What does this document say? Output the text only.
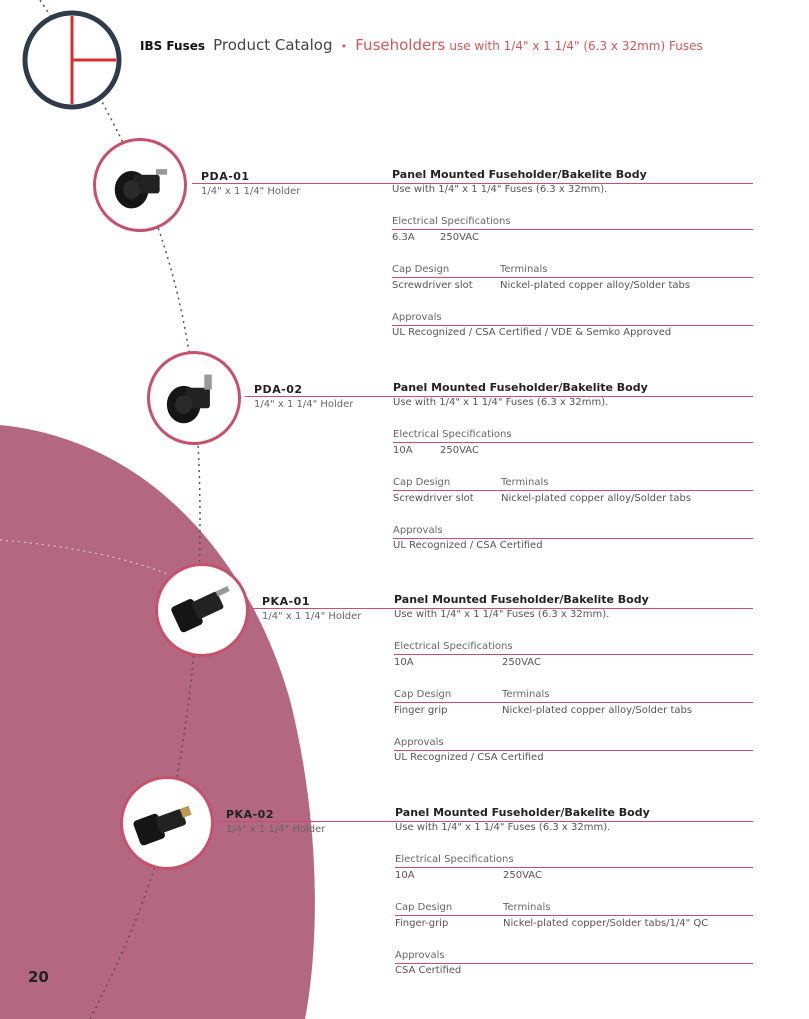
IBS Fuses Product Catalog • Fuseholders use with 1/4" x 1 1/4" (6.3 x 32mm) Fuses
PDA-01
1/4" x 1 1/4" Holder
Panel Mounted Fuseholder/Bakelite Body
Use with 1/4" x 1 1/4" Fuses (6.3 x 32mm).
Electrical Specifications
6.3A	250VAC
Cap Design	Terminals
Screwdriver slot	Nickel-plated copper alloy/Solder tabs
Approvals
UL Recognized / CSA Certified / VDE & Semko Approved
PDA-02
1/4" x 1 1/4" Holder
Panel Mounted Fuseholder/Bakelite Body
Use with 1/4" x 1 1/4" Fuses (6.3 x 32mm).
Electrical Specifications
10A	250VAC
Cap Design	Terminals
Screwdriver slot	Nickel-plated copper alloy/Solder tabs
Approvals
UL Recognized / CSA Certified
PKA-01
1/4" x 1 1/4" Holder
Panel Mounted Fuseholder/Bakelite Body
Use with 1/4" x 1 1/4" Fuses (6.3 x 32mm).
Electrical Specifications
10A	250VAC
Cap Design	Terminals
Finger grip	Nickel-plated copper alloy/Solder tabs
Approvals
UL Recognized / CSA Certified
PKA-02
1/4" x 1 1/4" Holder
Panel Mounted Fuseholder/Bakelite Body
Use with 1/4" x 1 1/4" Fuses (6.3 x 32mm).
Electrical Specifications
10A	250VAC
Cap Design	Terminals
Finger-grip	Nickel-plated copper/Solder tabs/1/4" QC
Approvals
CSA Certified
20
